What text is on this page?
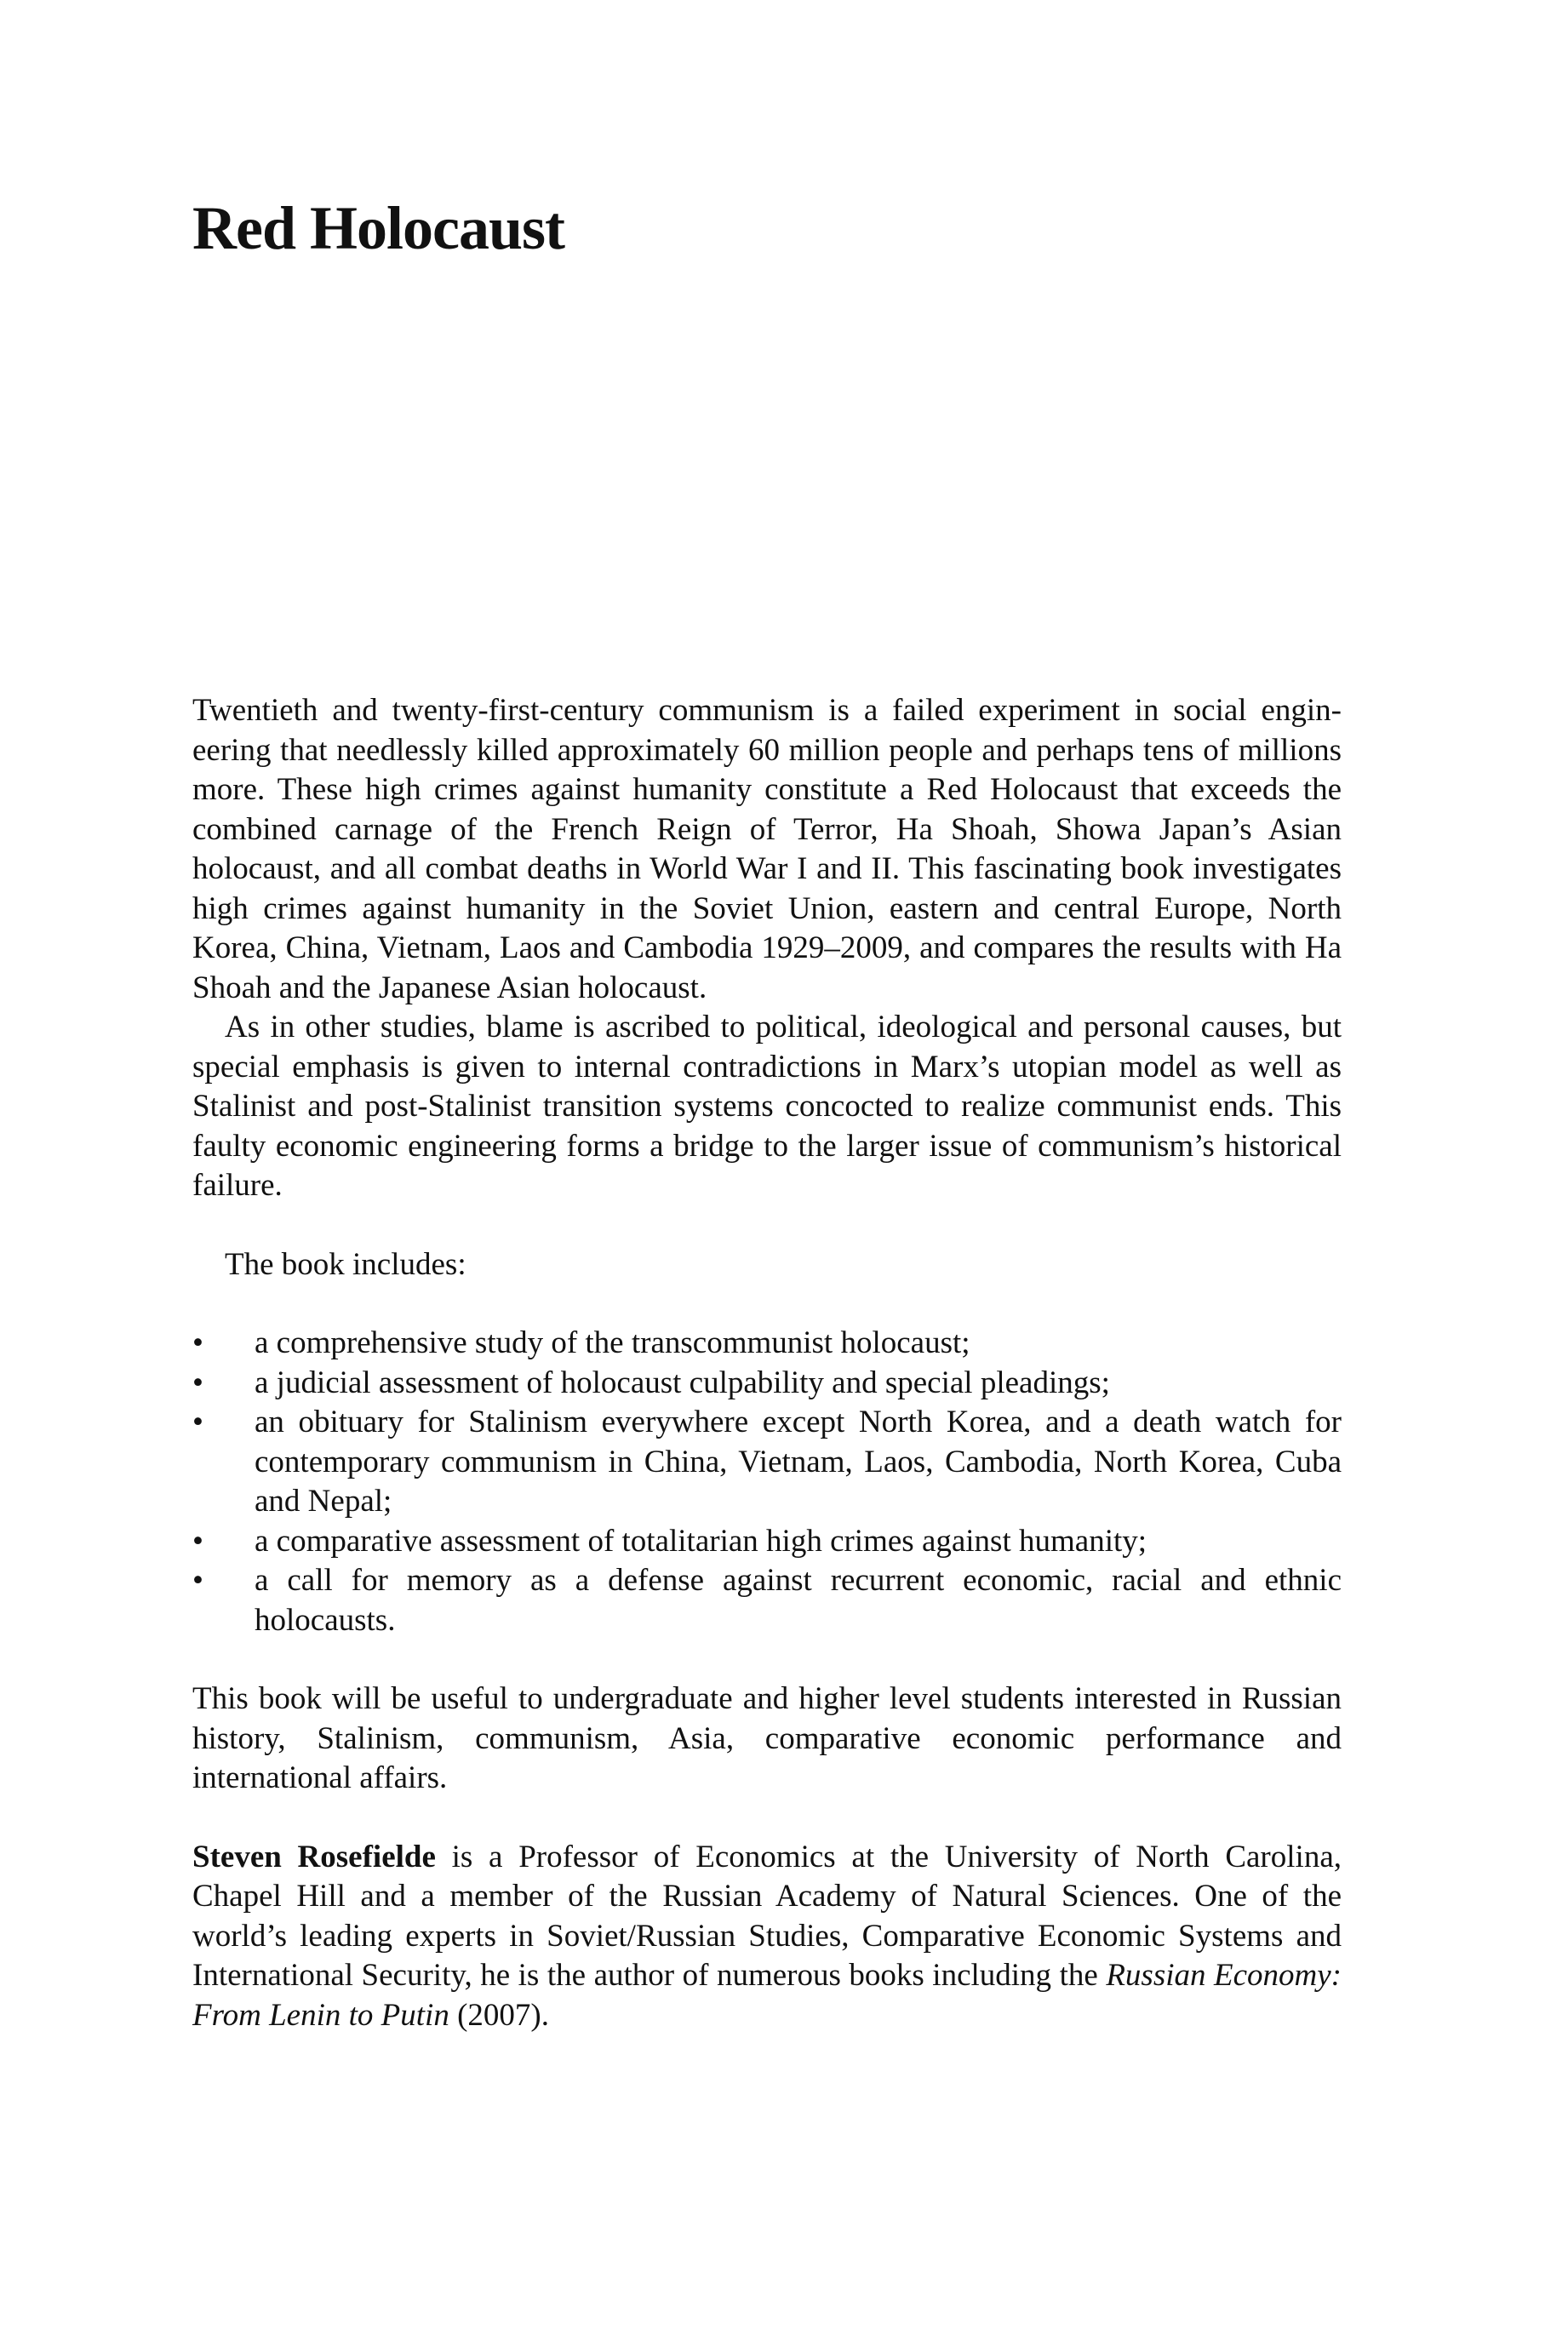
Red Holocaust

Twentieth and twenty-first-century communism is a failed experiment in social engineering that needlessly killed approximately 60 million people and perhaps tens of millions more. These high crimes against humanity constitute a Red Holocaust that exceeds the combined carnage of the French Reign of Terror, Ha Shoah, Showa Japan’s Asian holocaust, and all combat deaths in World War I and II. This fascinating book investigates high crimes against humanity in the Soviet Union, eastern and central Europe, North Korea, China, Vietnam, Laos and Cambodia 1929–2009, and compares the results with Ha Shoah and the Japanese Asian holocaust.

As in other studies, blame is ascribed to political, ideological and personal causes, but special emphasis is given to internal contradictions in Marx’s utopian model as well as Stalinist and post-Stalinist transition systems concocted to realize communist ends. This faulty economic engineering forms a bridge to the larger issue of communism’s historical failure.

The book includes:

• a comprehensive study of the transcommunist holocaust;
• a judicial assessment of holocaust culpability and special pleadings;
• an obituary for Stalinism everywhere except North Korea, and a death watch for contemporary communism in China, Vietnam, Laos, Cambodia, North Korea, Cuba and Nepal;
• a comparative assessment of totalitarian high crimes against humanity;
• a call for memory as a defense against recurrent economic, racial and ethnic holocausts.

This book will be useful to undergraduate and higher level students interested in Russian history, Stalinism, communism, Asia, comparative economic performance and international affairs.

Steven Rosefielde is a Professor of Economics at the University of North Carolina, Chapel Hill and a member of the Russian Academy of Natural Sciences. One of the world’s leading experts in Soviet/Russian Studies, Comparative Economic Systems and International Security, he is the author of numerous books including the Russian Economy: From Lenin to Putin (2007).
